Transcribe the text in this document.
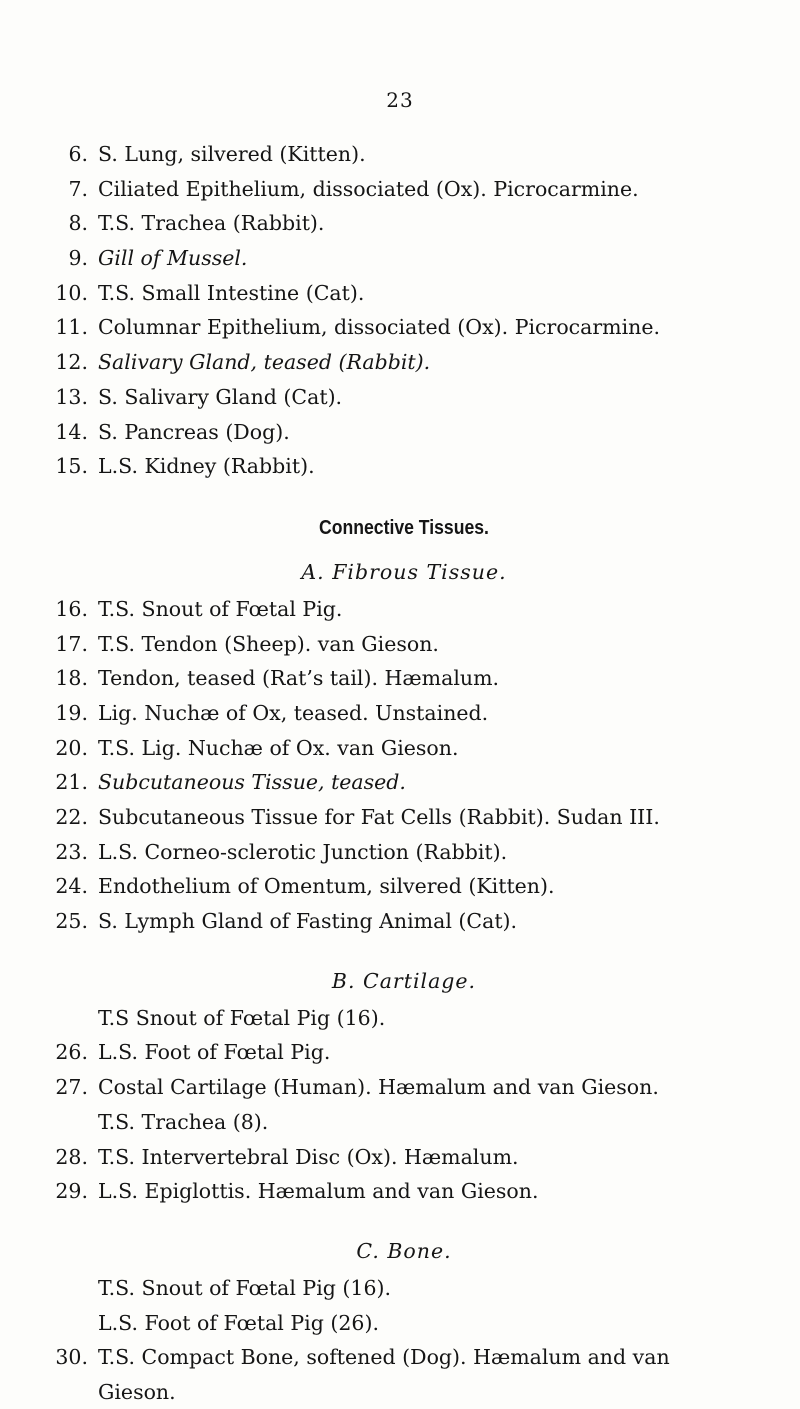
23
6. S. Lung, silvered (Kitten).
7. Ciliated Epithelium, dissociated (Ox). Picrocarmine.
8. T.S. Trachea (Rabbit).
9. Gill of Mussel.
10. T.S. Small Intestine (Cat).
11. Columnar Epithelium, dissociated (Ox). Picrocarmine.
12. Salivary Gland, teased (Rabbit).
13. S. Salivary Gland (Cat).
14. S. Pancreas (Dog).
15. L.S. Kidney (Rabbit).
Connective Tissues.
A. Fibrous Tissue.
16. T.S. Snout of Fœtal Pig.
17. T.S. Tendon (Sheep). van Gieson.
18. Tendon, teased (Rat’s tail). Hæmalum.
19. Lig. Nuchæ of Ox, teased. Unstained.
20. T.S. Lig. Nuchæ of Ox. van Gieson.
21. Subcutaneous Tissue, teased.
22. Subcutaneous Tissue for Fat Cells (Rabbit). Sudan III.
23. L.S. Corneo-sclerotic Junction (Rabbit).
24. Endothelium of Omentum, silvered (Kitten).
25. S. Lymph Gland of Fasting Animal (Cat).
B. Cartilage.
T.S Snout of Fœtal Pig (16).
26. L.S. Foot of Fœtal Pig.
27. Costal Cartilage (Human). Hæmalum and van Gieson.
T.S. Trachea (8).
28. T.S. Intervertebral Disc (Ox). Hæmalum.
29. L.S. Epiglottis. Hæmalum and van Gieson.
C. Bone.
T.S. Snout of Fœtal Pig (16).
L.S. Foot of Fœtal Pig (26).
30. T.S. Compact Bone, softened (Dog). Hæmalum and van
Gieson.
